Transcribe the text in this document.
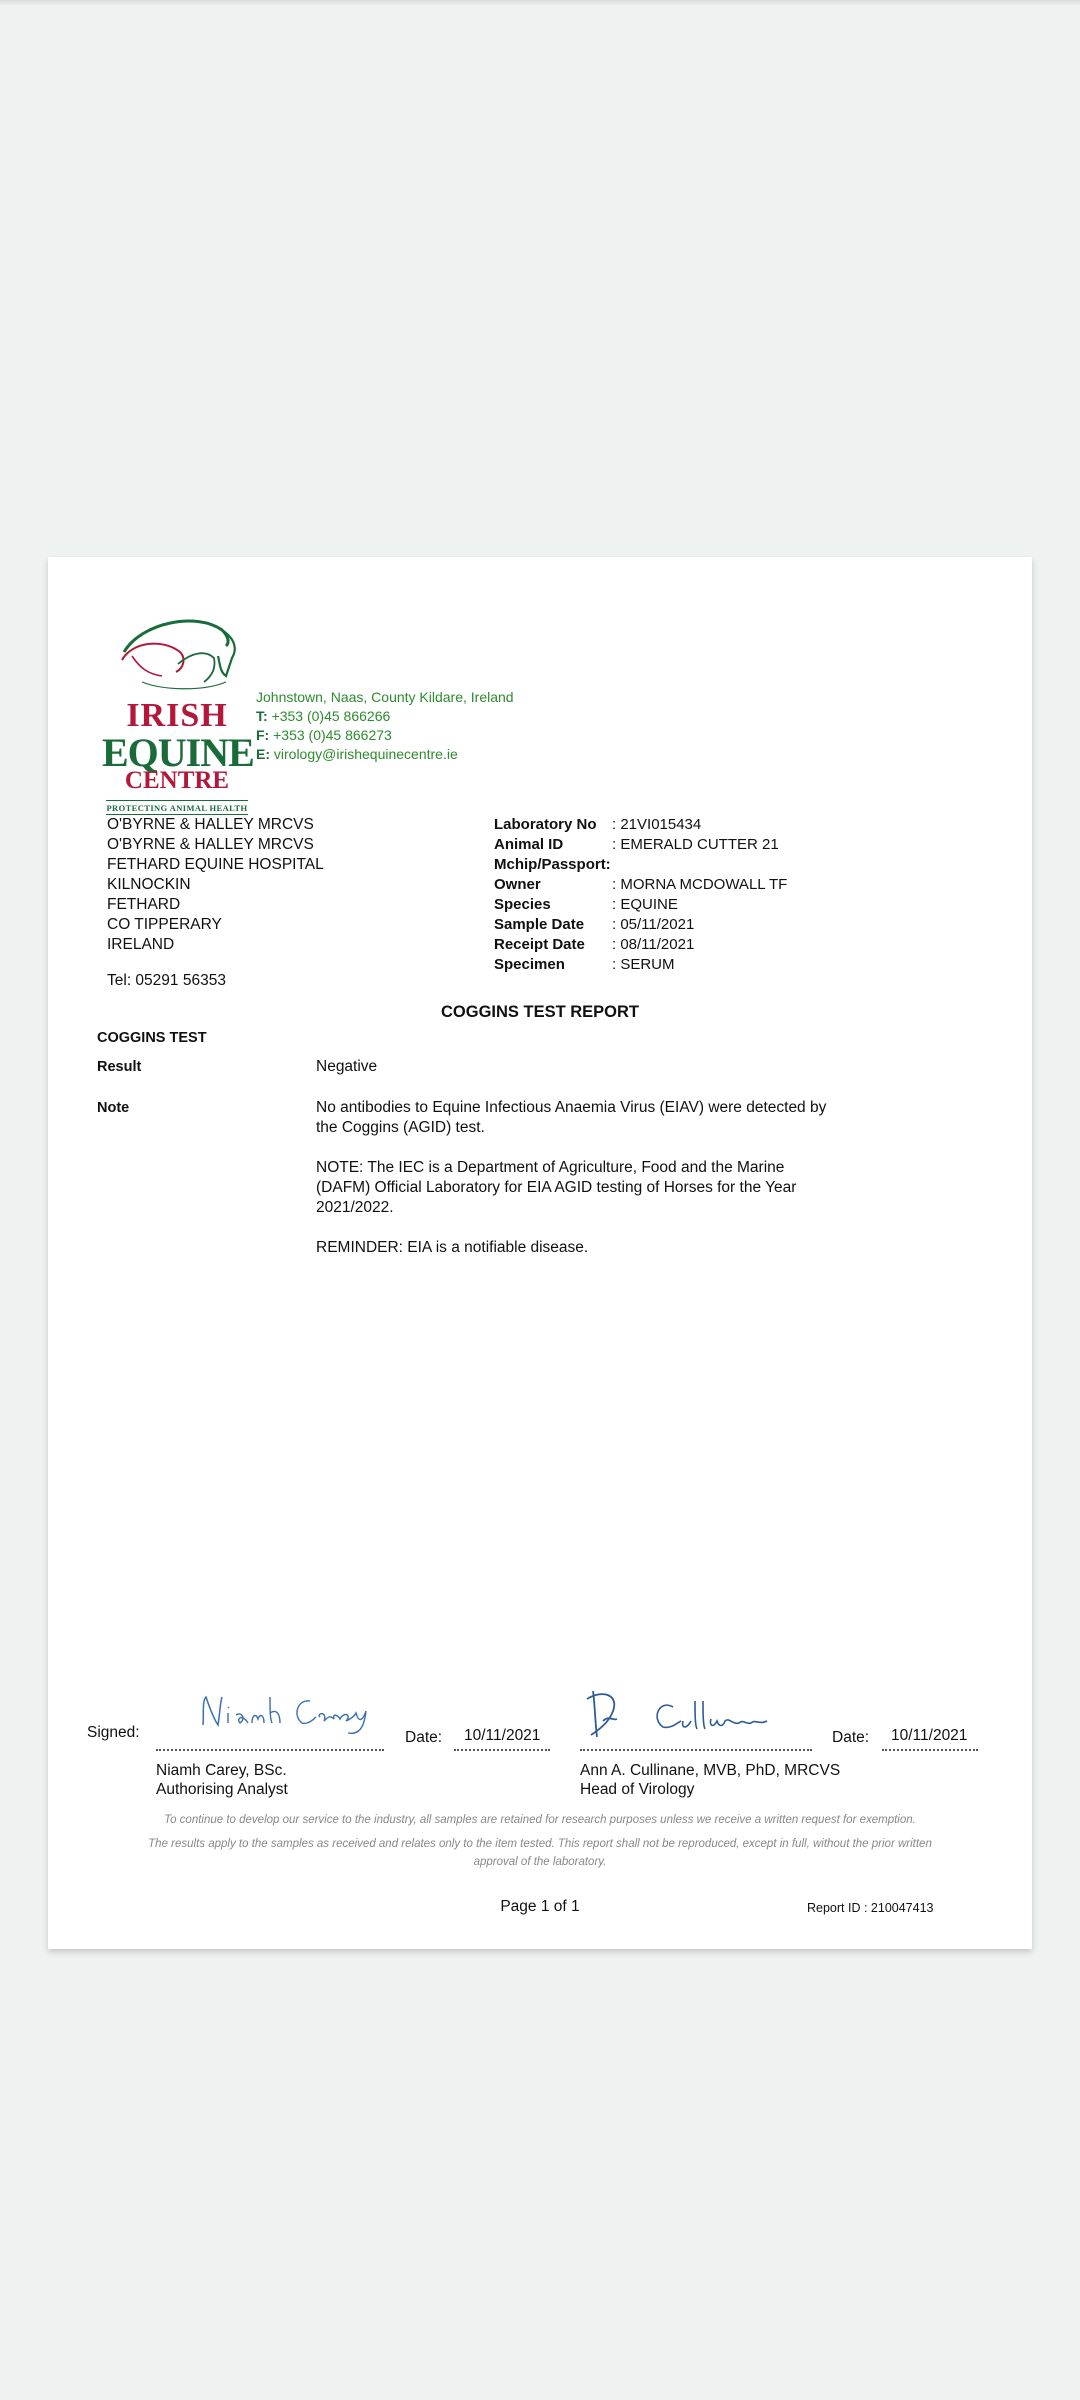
IRISH
EQUINE
CENTRE
PROTECTING ANIMAL HEALTH
Johnstown, Naas, County Kildare, Ireland
T: +353 (0)45 866266
F: +353 (0)45 866273
E: virology@irishequinecentre.ie
O'BYRNE & HALLEY MRCVS
O'BYRNE & HALLEY MRCVS
FETHARD EQUINE HOSPITAL
KILNOCKIN
FETHARD
CO TIPPERARY
IRELAND
Tel: 05291 56353
Laboratory No : 21VI015434
Animal ID	: EMERALD CUTTER 21
Mchip/Passport:
Owner	: MORNA MCDOWALL TF
Species	: EQUINE
Sample Date : 05/11/2021
Receipt Date : 08/11/2021
Specimen	: SERUM
COGGINS TEST REPORT
COGGINS TEST
Result	Negative
Note	No antibodies to Equine Infectious Anaemia Virus (EIAV) were detected by the Coggins (AGID) test.

NOTE: The IEC is a Department of Agriculture, Food and the Marine (DAFM) Official Laboratory for EIA AGID testing of Horses for the Year 2021/2022.

REMINDER: EIA is a notifiable disease.

Signed:
Niamh Carey, BSc.
Authorising Analyst
Date: 10/11/2021
Ann A. Cullinane, MVB, PhD, MRCVS
Head of Virology
Date: 10/11/2021

To continue to develop our service to the industry, all samples are retained for research purposes unless we receive a written request for exemption.

The results apply to the samples as received and relates only to the item tested. This report shall not be reproduced, except in full, without the prior written approval of the laboratory.

Page 1 of 1	Report ID : 210047413
